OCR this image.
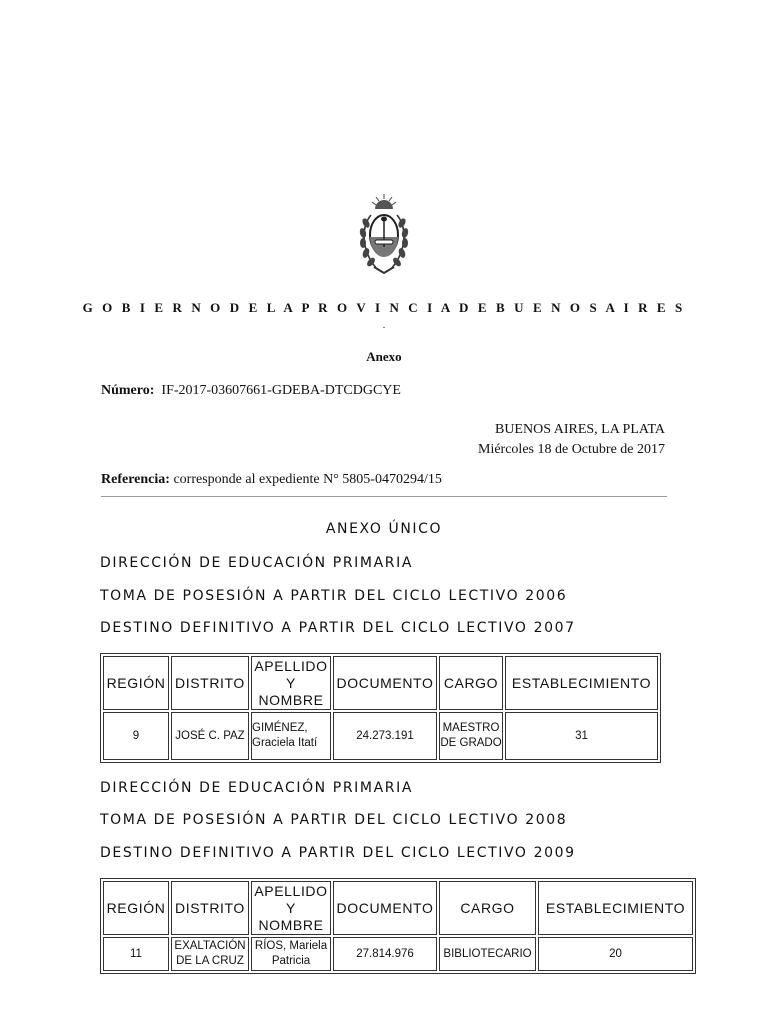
G O B I E R N O D E L A P R O V I N C I A D E B U E N O S A I R E S
.
Anexo
Número: IF-2017-03607661-GDEBA-DTCDGCYE
BUENOS AIRES, LA PLATA
Miércoles 18 de Octubre de 2017
Referencia: corresponde al expediente N° 5805-0470294/15
ANEXO ÚNICO
DIRECCIÓN DE EDUCACIÓN PRIMARIA
TOMA DE POSESIÓN A PARTIR DEL CICLO LECTIVO 2006
DESTINO DEFINITIVO A PARTIR DEL CICLO LECTIVO 2007
REGIÓN	DISTRITO	APELLIDO Y NOMBRE	DOCUMENTO	CARGO	ESTABLECIMIENTO
9	JOSÉ C. PAZ	GIMÉNEZ, Graciela Itatí	24.273.191	MAESTRO DE GRADO	31
DIRECCIÓN DE EDUCACIÓN PRIMARIA
TOMA DE POSESIÓN A PARTIR DEL CICLO LECTIVO 2008
DESTINO DEFINITIVO A PARTIR DEL CICLO LECTIVO 2009
REGIÓN	DISTRITO	APELLIDO Y NOMBRE	DOCUMENTO	CARGO	ESTABLECIMIENTO
11	EXALTACIÓN DE LA CRUZ	RÍOS, Mariela Patricia	27.814.976	BIBLIOTECARIO	20
